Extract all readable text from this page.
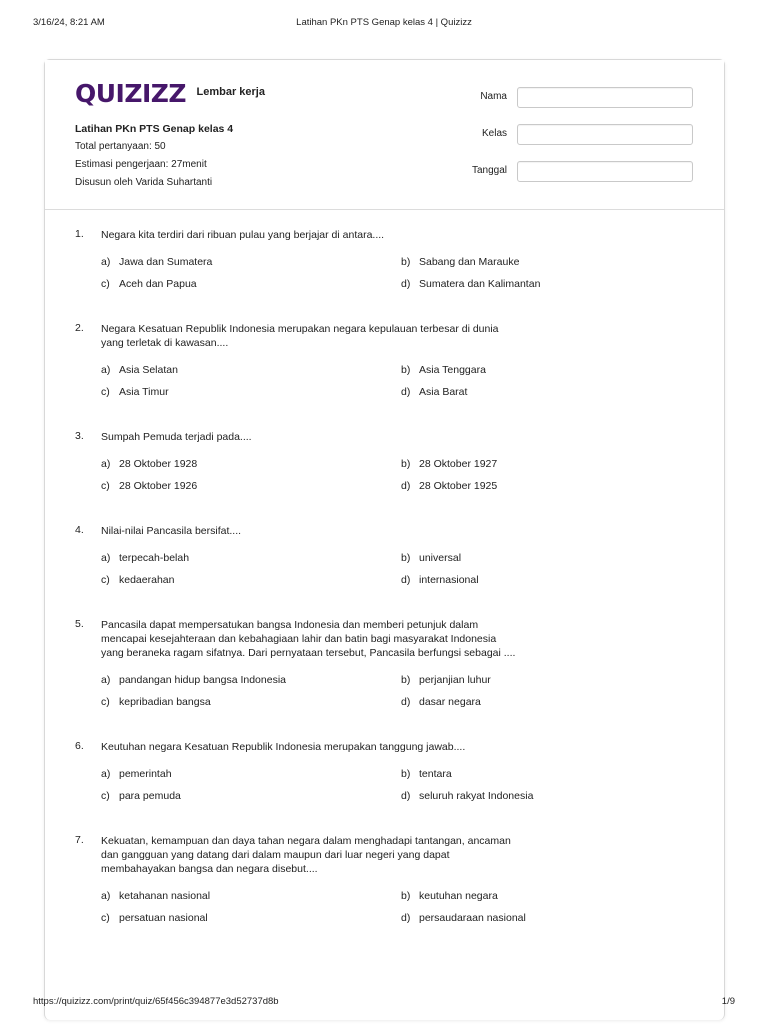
3/16/24, 8:21 AM	Latihan PKn PTS Genap kelas 4 | Quizizz
QUIZIZZ Lembar kerja
Latihan PKn PTS Genap kelas 4
Total pertanyaan: 50
Estimasi pengerjaan: 27menit
Disusun oleh Varida Suhartanti
Nama
Kelas
Tanggal
1. Negara kita terdiri dari ribuan pulau yang berjajar di antara....
a) Jawa dan Sumatera	b) Sabang dan Marauke
c) Aceh dan Papua	d) Sumatera dan Kalimantan
2. Negara Kesatuan Republik Indonesia merupakan negara kepulauan terbesar di dunia yang terletak di kawasan....
a) Asia Selatan	b) Asia Tenggara
c) Asia Timur	d) Asia Barat
3. Sumpah Pemuda terjadi pada....
a) 28 Oktober 1928	b) 28 Oktober 1927
c) 28 Oktober 1926	d) 28 Oktober 1925
4. Nilai-nilai Pancasila bersifat....
a) terpecah-belah	b) universal
c) kedaerahan	d) internasional
5. Pancasila dapat mempersatukan bangsa Indonesia dan memberi petunjuk dalam mencapai kesejahteraan dan kebahagiaan lahir dan batin bagi masyarakat Indonesia yang beraneka ragam sifatnya. Dari pernyataan tersebut, Pancasila berfungsi sebagai ....
a) pandangan hidup bangsa Indonesia	b) perjanjian luhur
c) kepribadian bangsa	d) dasar negara
6. Keutuhan negara Kesatuan Republik Indonesia merupakan tanggung jawab....
a) pemerintah	b) tentara
c) para pemuda	d) seluruh rakyat Indonesia
7. Kekuatan, kemampuan dan daya tahan negara dalam menghadapi tantangan, ancaman dan gangguan yang datang dari dalam maupun dari luar negeri yang dapat membahayakan bangsa dan negara disebut....
a) ketahanan nasional	b) keutuhan negara
c) persatuan nasional	d) persaudaraan nasional
https://quizizz.com/print/quiz/65f456c394877e3d52737d8b	1/9
